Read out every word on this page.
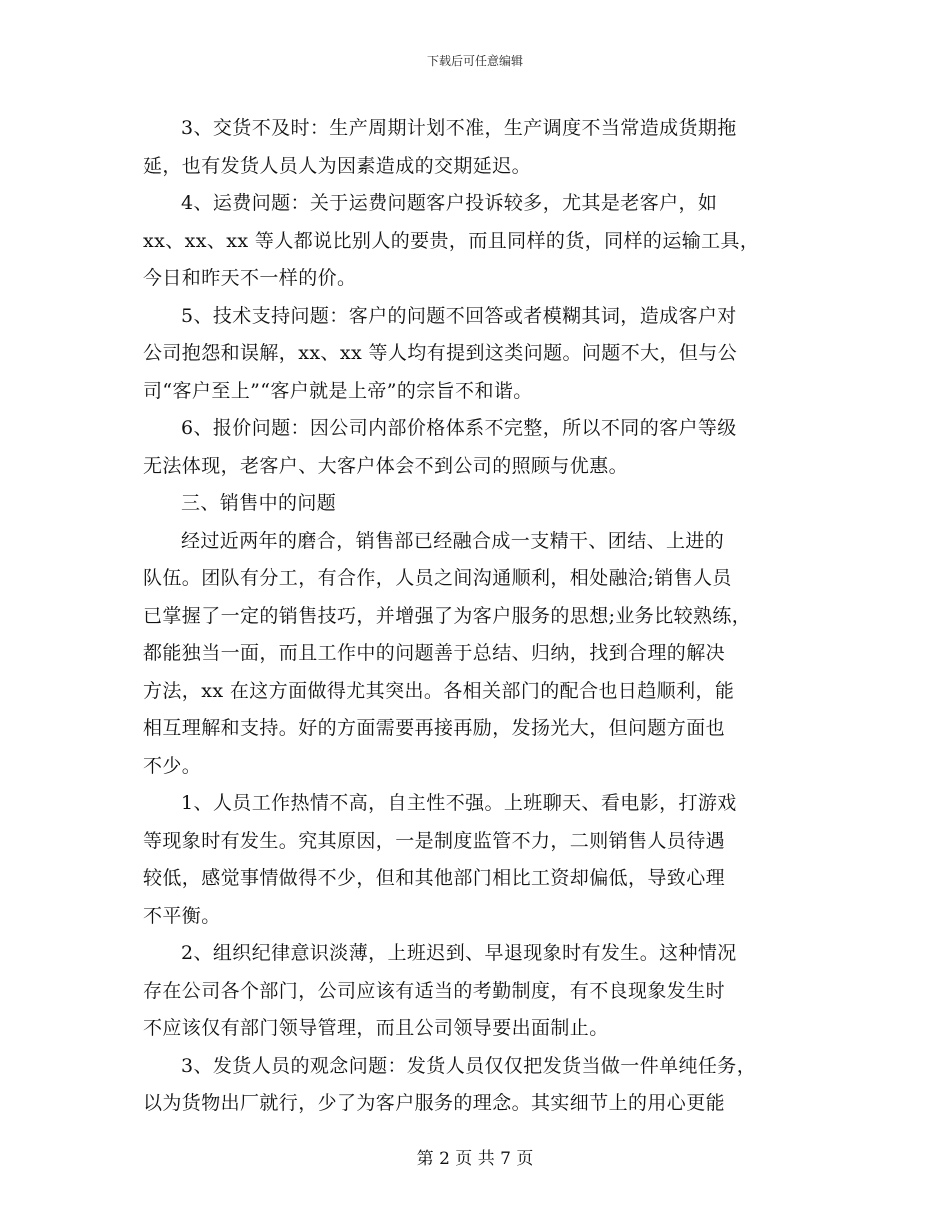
下载后可任意编辑
3、交货不及时：生产周期计划不准，生产调度不当常造成货期拖
延，也有发货人员人为因素造成的交期延迟。
4、运费问题：关于运费问题客户投诉较多，尤其是老客户，如
xx、xx、xx 等人都说比别人的要贵，而且同样的货，同样的运输工具，
今日和昨天不一样的价。
5、技术支持问题：客户的问题不回答或者模糊其词，造成客户对
公司抱怨和误解，xx、xx 等人均有提到这类问题。问题不大，但与公
司“客户至上”“客户就是上帝”的宗旨不和谐。
6、报价问题：因公司内部价格体系不完整，所以不同的客户等级
无法体现，老客户、大客户体会不到公司的照顾与优惠。
三、销售中的问题
经过近两年的磨合，销售部已经融合成一支精干、团结、上进的
队伍。团队有分工，有合作，人员之间沟通顺利，相处融洽;销售人员
已掌握了一定的销售技巧，并增强了为客户服务的思想;业务比较熟练，
都能独当一面，而且工作中的问题善于总结、归纳，找到合理的解决
方法，xx 在这方面做得尤其突出。各相关部门的配合也日趋顺利，能
相互理解和支持。好的方面需要再接再励，发扬光大，但问题方面也
不少。
1、人员工作热情不高，自主性不强。上班聊天、看电影，打游戏
等现象时有发生。究其原因，一是制度监管不力，二则销售人员待遇
较低，感觉事情做得不少，但和其他部门相比工资却偏低，导致心理
不平衡。
2、组织纪律意识淡薄，上班迟到、早退现象时有发生。这种情况
存在公司各个部门，公司应该有适当的考勤制度，有不良现象发生时
不应该仅有部门领导管理，而且公司领导要出面制止。
3、发货人员的观念问题：发货人员仅仅把发货当做一件单纯任务，
以为货物出厂就行，少了为客户服务的理念。其实细节上的用心更能
第 2 页 共 7 页
